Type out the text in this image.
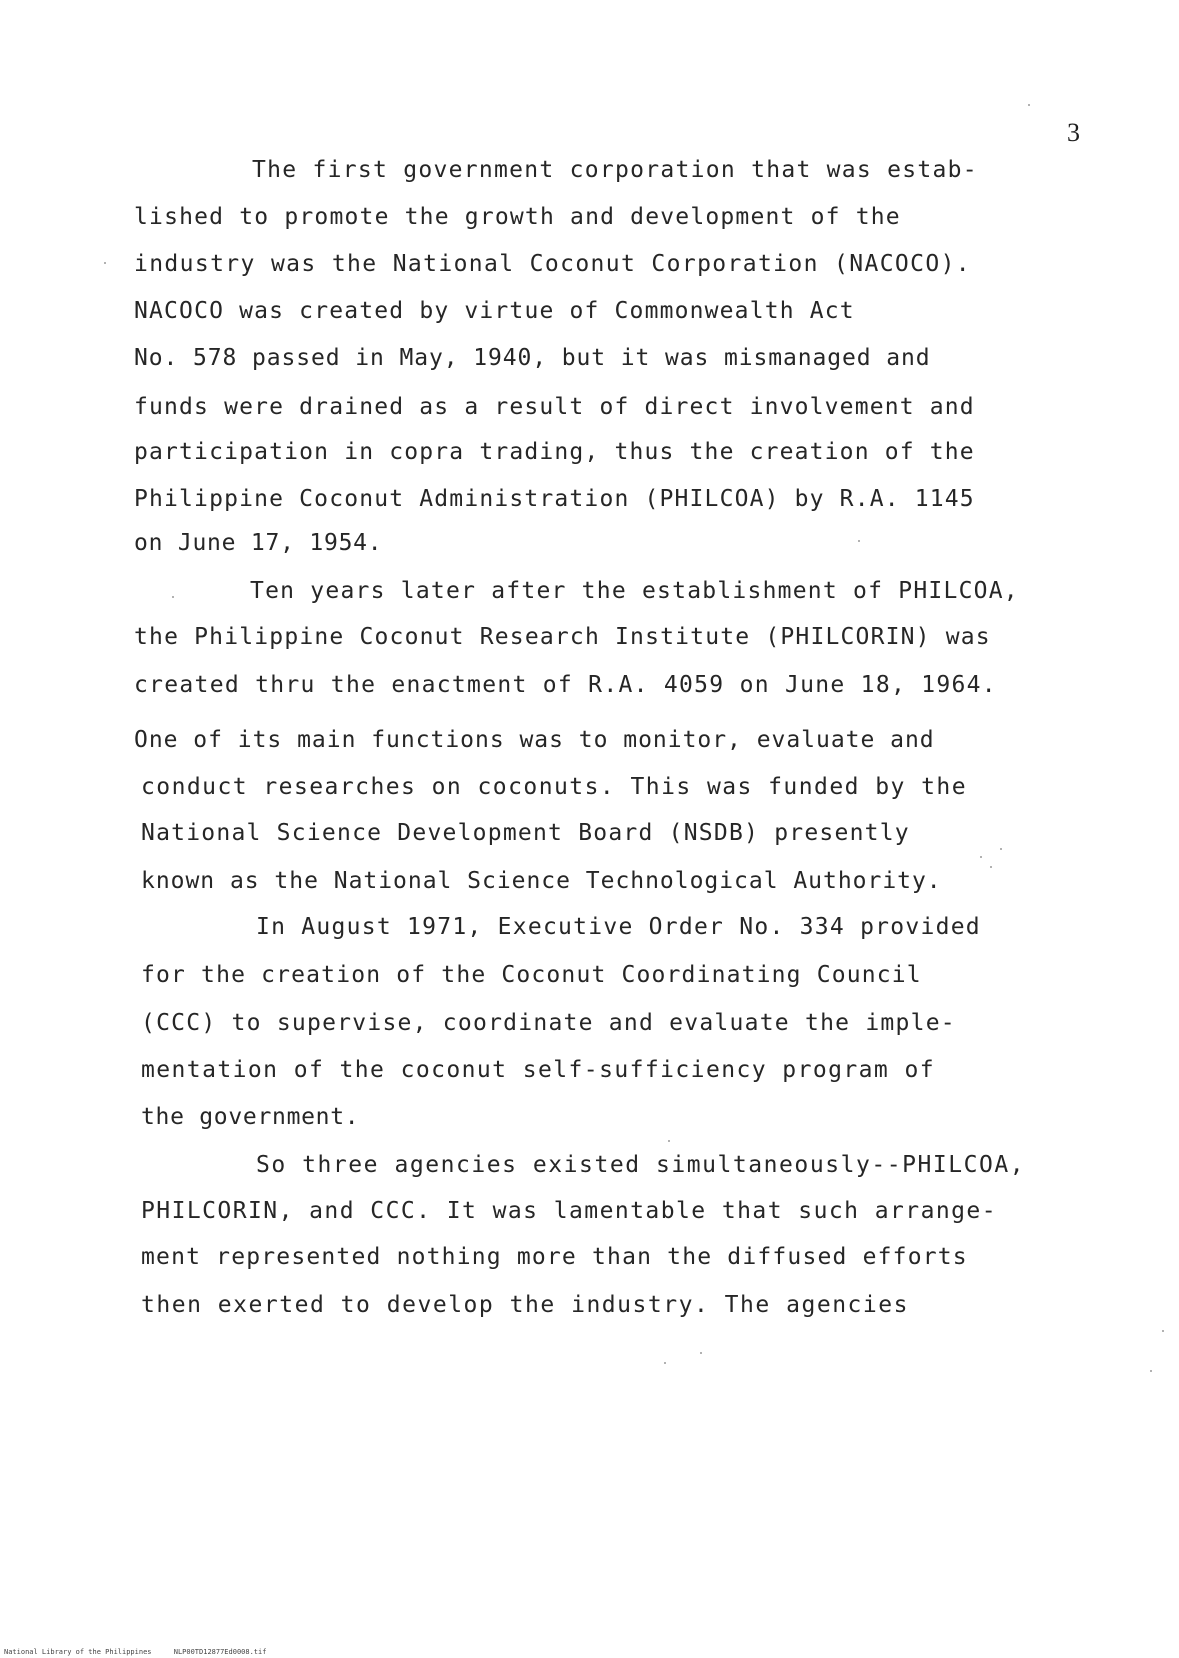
3
The first government corporation that was estab-
lished to promote the growth and development of the
industry was the National Coconut Corporation (NACOCO).
NACOCO was created by virtue of Commonwealth Act
No. 578 passed in May, 1940, but it was mismanaged and
funds were drained as a result of direct involvement and
participation in copra trading, thus the creation of the
Philippine Coconut Administration (PHILCOA) by R.A. 1145
on June 17, 1954.
Ten years later after the establishment of PHILCOA,
the Philippine Coconut Research Institute (PHILCORIN) was
created thru the enactment of R.A. 4059 on June 18, 1964.
One of its main functions was to monitor, evaluate and
conduct researches on coconuts. This was funded by the
National Science Development Board (NSDB) presently
known as the National Science Technological Authority.
In August 1971, Executive Order No. 334 provided
for the creation of the Coconut Coordinating Council
(CCC) to supervise, coordinate and evaluate the imple-
mentation of the coconut self-sufficiency program of
the government.
So three agencies existed simultaneously--PHILCOA,
PHILCORIN, and CCC. It was lamentable that such arrange-
ment represented nothing more than the diffused efforts
then exerted to develop the industry. The agencies
National Library of the Philippines	NLP00TD12877Ed0008.tif
